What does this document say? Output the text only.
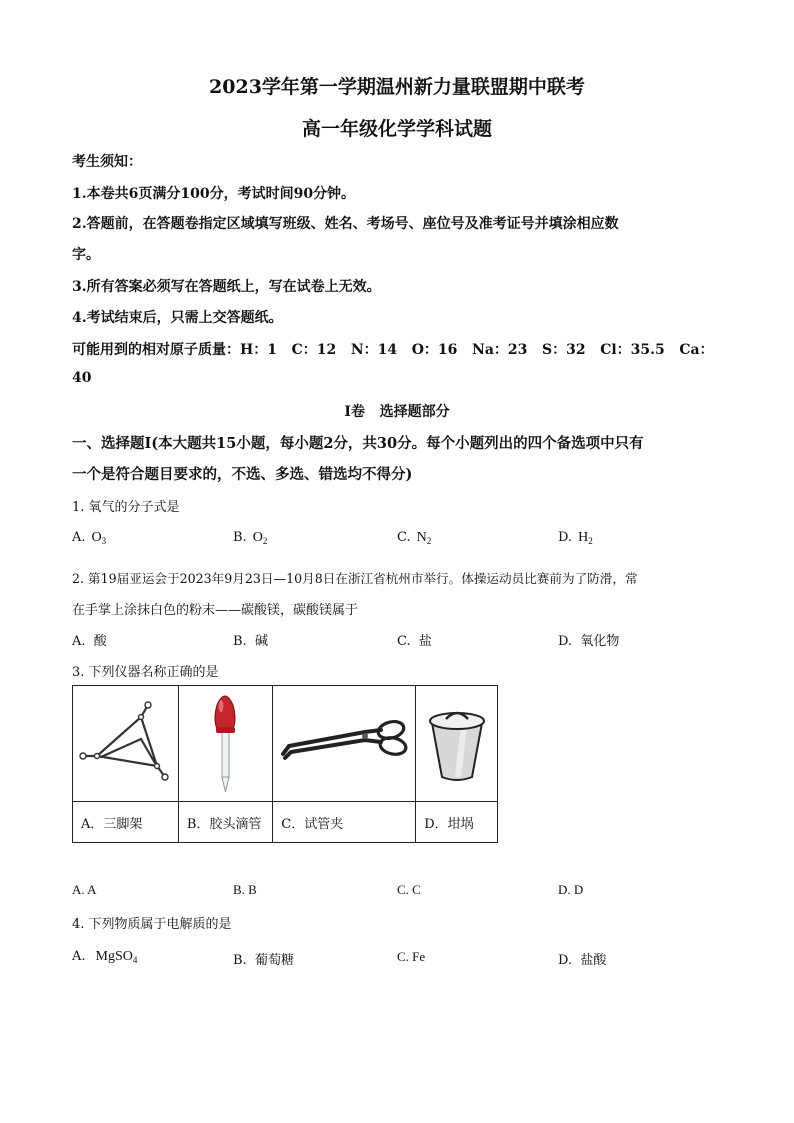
2023学年第一学期温州新力量联盟期中联考
高一年级化学学科试题
考生须知：
1.本卷共6页满分100分，考试时间90分钟。
2.答题前，在答题卷指定区域填写班级、姓名、考场号、座位号及准考证号并填涂相应数
字。
3.所有答案必须写在答题纸上，写在试卷上无效。
4.考试结束后，只需上交答题纸。
可能用到的相对原子质量：H：1   C：12   N：14   O：16   Na：23   S：32   Cl：35.5   Ca：
40
Ⅰ卷   选择题部分
一、选择题Ⅰ(本大题共15小题，每小题2分，共30分。每个小题列出的四个备选项中只有
一个是符合题目要求的，不选、多选、错选均不得分)
1. 氧气的分子式是
A. $O_3$	B. $O_2$	C. $N_2$	D. $H_2$
2. 第19届亚运会于2023年9月23日—10月8日在浙江省杭州市举行。体操运动员比赛前为了防滑，常
在手掌上涂抹白色的粉末——碳酸镁，碳酸镁属于
A.  酸	B.  碱	C.  盐	D.  氧化物
3. 下列仪器名称正确的是

A．三脚架	B．胶头滴管	C．试管夹	D．坩埚
A. A	B. B	C. C	D. D
4. 下列物质属于电解质的是
A. MgSO$_4$	B.  葡萄糖	C. Fe	D.  盐酸
